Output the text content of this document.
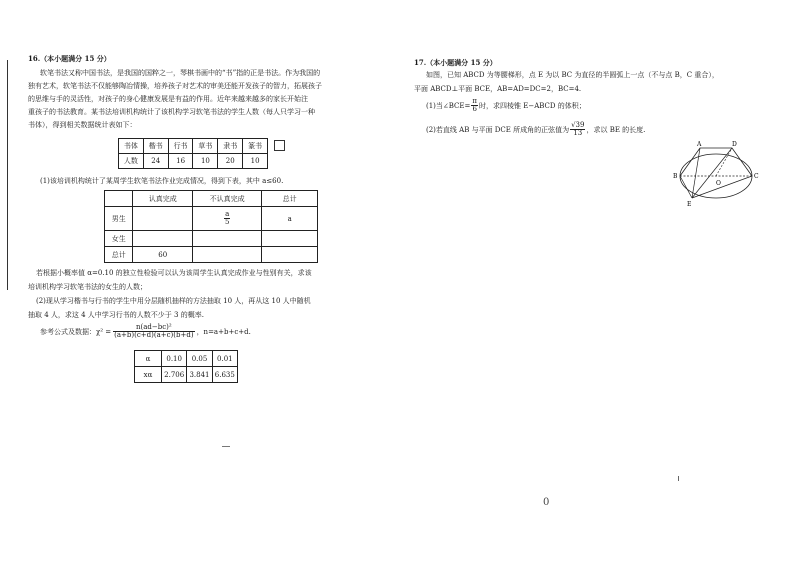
16.（本小题满分 15 分）
软笔书法又称中国书法，是我国的国粹之一，琴棋书画中的“书”指的正是书法。作为我国的
独有艺术，软笔书法不仅能够陶冶情操，培养孩子对艺术的审美还能开发孩子的智力，拓展孩子
的思维与手的灵活性，对孩子的身心健康发展是有益的作用。近年来越来越多的家长开始注
重孩子的书法教育。某书法培训机构统计了该机构学习软笔书法的学生人数（每人只学习一种
书体），得到相关数据统计表如下：
书体	楷书	行书	草书	隶书	篆书
人数	24	16	10	20	10
(1)该培训机构统计了某周学生软笔书法作业完成情况，得到下表，其中 a≤60.
	认真完成	不认真完成	总计
男生		$\frac{a}{5}$	a
女生			
总计	60		
若根据小概率值 α=0.10 的独立性检验可以认为该周学生认真完成作业与性别有关，求该
培训机构学习软笔书法的女生的人数；
(2)现从学习楷书与行书的学生中用分层随机抽样的方法抽取 10 人，再从这 10 人中随机
抽取 4 人，求这 4 人中学习行书的人数不少于 3 的概率.
参考公式及数据：$\chi^2 = \frac{\text{n(ad−bc)²}}{(a+b)(c+d)(a+c)(b+d)}$ ，n=a+b+c+d.
α	0.10	0.05	0.01
xα	2.706	3.841	6.635
17.（本小题满分 15 分）
如图，已知 ABCD 为等腰梯形，点 E 为以 BC 为直径的半圆弧上一点（不与点 B，C 重合），
平面 ABCD⊥平面 BCE，AB=AD=DC=2，BC=4.
(1)当∠BCE= $\frac{\pi}{6}$ 时，求四棱锥 E−ABCD 的体积；
(2)若直线 AB 与平面 DCE 所成角的正弦值为 $\frac{√39}{13}$ ，求以 BE 的长度.
A	D
B	C
E
O
0
